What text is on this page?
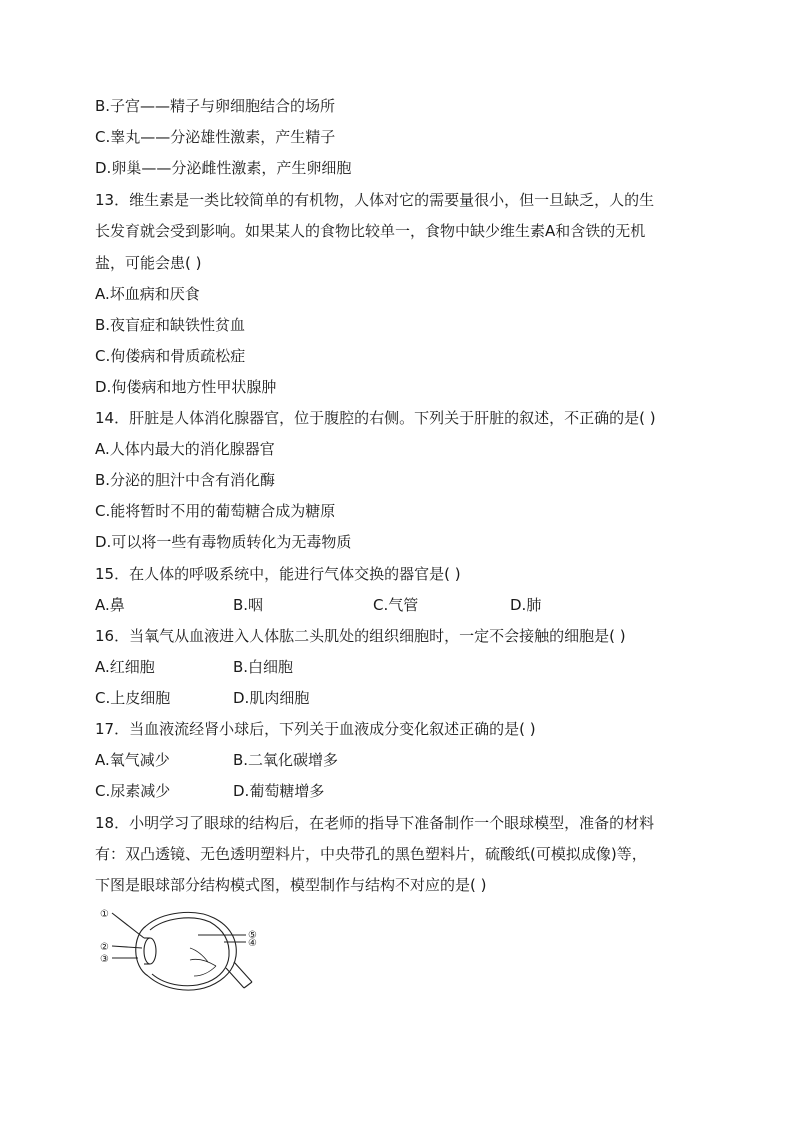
B.子宫——精子与卵细胞结合的场所
C.睾丸——分泌雄性激素，产生精子
D.卵巢——分泌雌性激素，产生卵细胞
13．维生素是一类比较简单的有机物，人体对它的需要量很小，但一旦缺乏，人的生
长发育就会受到影响。如果某人的食物比较单一，食物中缺少维生素A和含铁的无机
盐，可能会患( )
A.坏血病和厌食
B.夜盲症和缺铁性贫血
C.佝偻病和骨质疏松症
D.佝偻病和地方性甲状腺肿
14．肝脏是人体消化腺器官，位于腹腔的右侧。下列关于肝脏的叙述，不正确的是( )
A.人体内最大的消化腺器官
B.分泌的胆汁中含有消化酶
C.能将暂时不用的葡萄糖合成为糖原
D.可以将一些有毒物质转化为无毒物质
15．在人体的呼吸系统中，能进行气体交换的器官是( )
A.鼻	B.咽	C.气管	D.肺
16．当氧气从血液进入人体肱二头肌处的组织细胞时，一定不会接触的细胞是( )
A.红细胞	B.白细胞
C.上皮细胞	D.肌肉细胞
17．当血液流经肾小球后，下列关于血液成分变化叙述正确的是( )
A.氧气减少	B.二氧化碳增多
C.尿素减少	D.葡萄糖增多
18．小明学习了眼球的结构后，在老师的指导下准备制作一个眼球模型，准备的材料
有：双凸透镜、无色透明塑料片，中央带孔的黑色塑料片，硫酸纸(可模拟成像)等，
下图是眼球部分结构模式图，模型制作与结构不对应的是( )
①
②
③
④
⑤
